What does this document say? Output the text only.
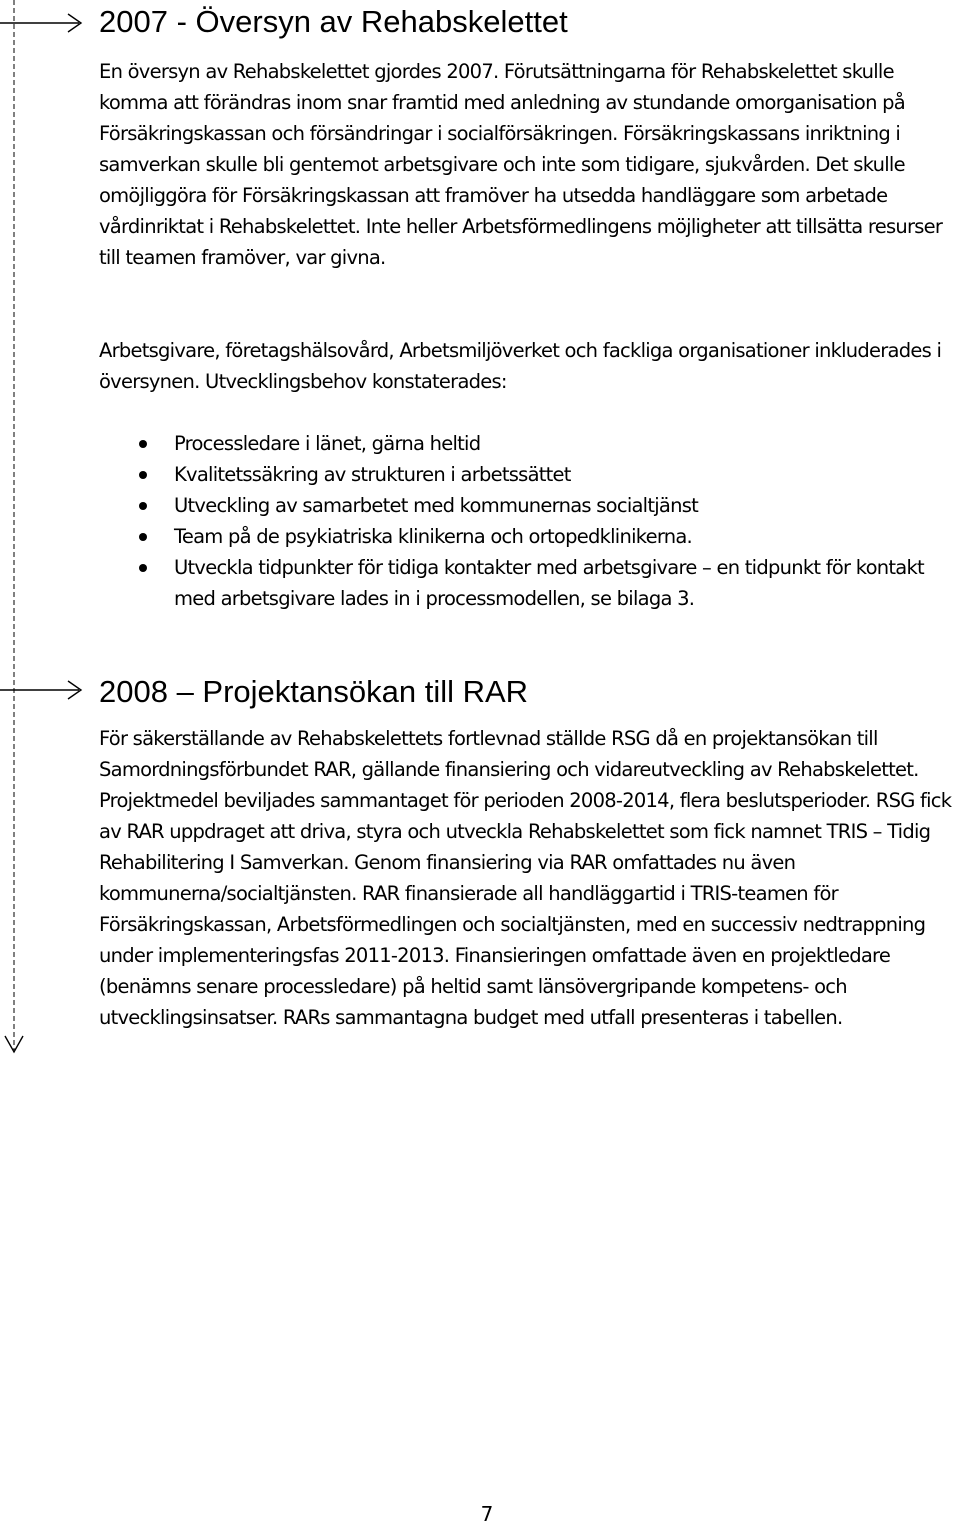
2007 - Översyn av Rehabskelettet

En översyn av Rehabskelettet gjordes 2007. Förutsättningarna för Rehabskelettet skulle komma att förändras inom snar framtid med anledning av stundande omorganisation på Försäkringskassan och försändringar i socialförsäkringen. Försäkringskassans inriktning i samverkan skulle bli gentemot arbetsgivare och inte som tidigare, sjukvården. Det skulle omöjliggöra för Försäkringskassan att framöver ha utsedda handläggare som arbetade vårdinriktat i Rehabskelettet. Inte heller Arbetsförmedlingens möjligheter att tillsätta resurser till teamen framöver, var givna.

Arbetsgivare, företagshälsovård, Arbetsmiljöverket och fackliga organisationer inkluderades i översynen. Utvecklingsbehov konstaterades:

Processledare i länet, gärna heltid
Kvalitetssäkring av strukturen i arbetssättet
Utveckling av samarbetet med kommunernas socialtjänst
Team på de psykiatriska klinikerna och ortopedklinikerna.
Utveckla tidpunkter för tidiga kontakter med arbetsgivare – en tidpunkt för kontakt med arbetsgivare lades in i processmodellen, se bilaga 3.
2008 – Projektansökan till RAR

För säkerställande av Rehabskelettets fortlevnad ställde RSG då en projektansökan till Samordningsförbundet RAR, gällande finansiering och vidareutveckling av Rehabskelettet. Projektmedel beviljades sammantaget för perioden 2008-2014, flera beslutsperioder. RSG fick av RAR uppdraget att driva, styra och utveckla Rehabskelettet som fick namnet TRIS – Tidig Rehabilitering I Samverkan. Genom finansiering via RAR omfattades nu även kommunerna/socialtjänsten. RAR finansierade all handläggartid i TRIS-teamen för Försäkringskassan, Arbetsförmedlingen och socialtjänsten, med en successiv nedtrappning under implementeringsfas 2011-2013. Finansieringen omfattade även en projektledare (benämns senare processledare) på heltid samt länsövergripande kompetens- och utvecklingsinsatser. RARs sammantagna budget med utfall presenteras i tabellen.

7
